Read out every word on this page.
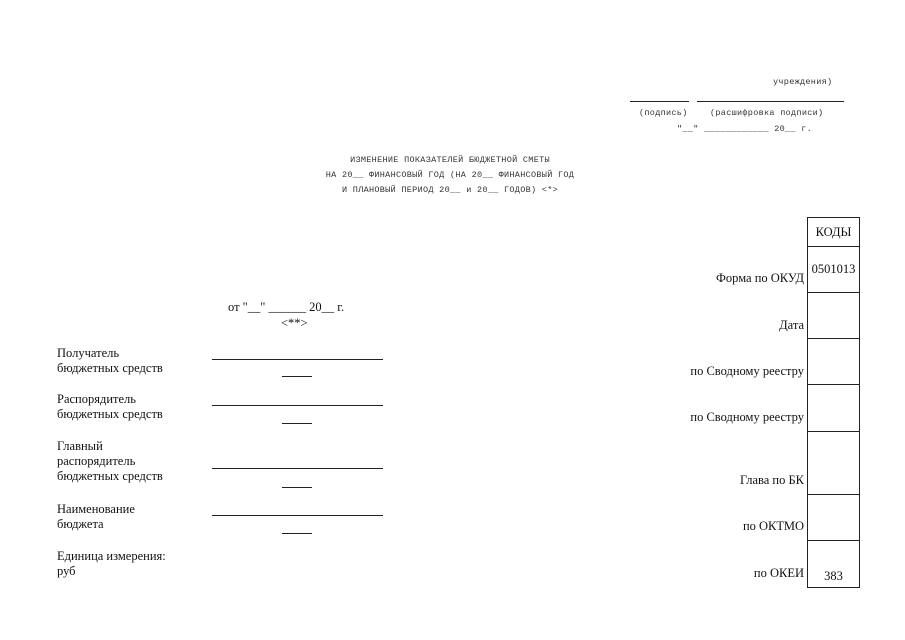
учреждения)
(подпись)	(расшифровка подписи)
"__" ____________ 20__ г.
ИЗМЕНЕНИЕ ПОКАЗАТЕЛЕЙ БЮДЖЕТНОЙ СМЕТЫ
НА 20__ ФИНАНСОВЫЙ ГОД (НА 20__ ФИНАНСОВЫЙ ГОД
И ПЛАНОВЫЙ ПЕРИОД 20__ и 20__ ГОДОВ) <*>
от "__" ______ 20__ г.
<**>
КОДЫ
0501013
383
Форма по ОКУД
Дата
по Сводному реестру
по Сводному реестру
Глава по БК
по ОКТМО
по ОКЕИ
Получатель
бюджетных средств
Распорядитель
бюджетных средств
Главный
распорядитель
бюджетных средств
Наименование
бюджета
Единица измерения:
руб
